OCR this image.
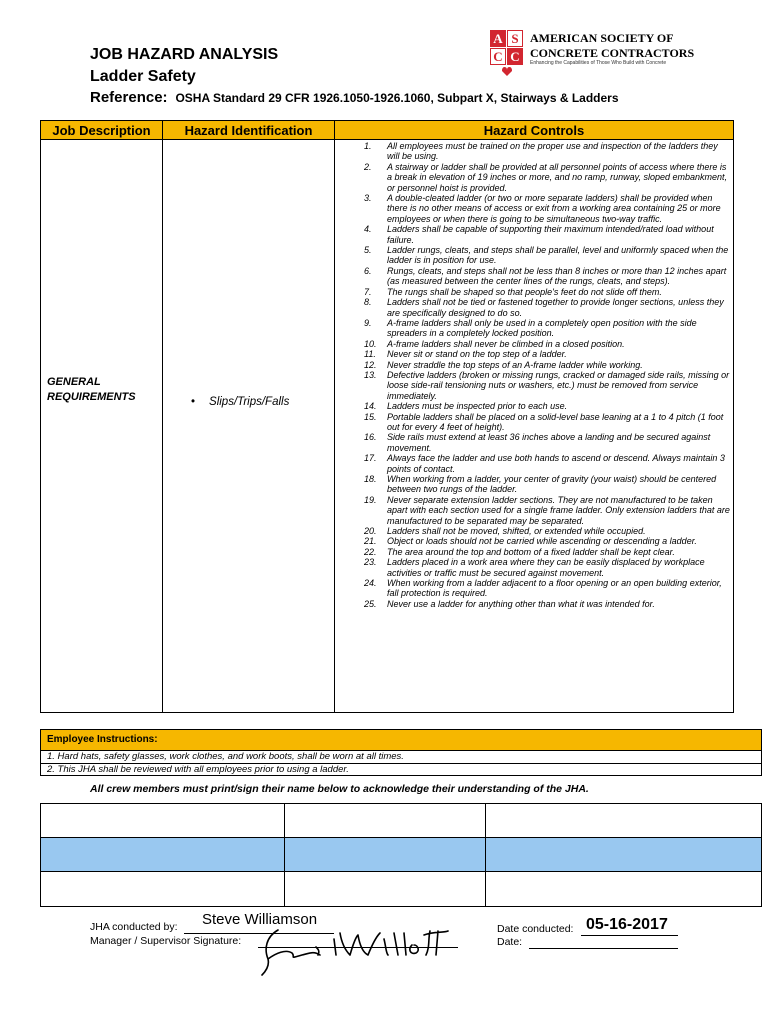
JOB HAZARD ANALYSIS
Ladder Safety
Reference: OSHA Standard 29 CFR 1926.1050-1926.1060, Subpart X, Stairways & Ladders
A S
C C
AMERICAN SOCIETY OF
CONCRETE CONTRACTORS
Enhancing the Capabilities of Those Who Build with Concrete
Job Description	Hazard Identification	Hazard Controls
GENERAL REQUIREMENTS	• Slips/Trips/Falls
1. All employees must be trained on the proper use and inspection of the ladders they will be using.
2. A stairway or ladder shall be provided at all personnel points of access where there is a break in elevation of 19 inches or more, and no ramp, runway, sloped embankment, or personnel hoist is provided.
3. A double-cleated ladder (or two or more separate ladders) shall be provided when there is no other means of access or exit from a working area containing 25 or more employees or when there is going to be simultaneous two-way traffic.
4. Ladders shall be capable of supporting their maximum intended/rated load without failure.
5. Ladder rungs, cleats, and steps shall be parallel, level and uniformly spaced when the ladder is in position for use.
6. Rungs, cleats, and steps shall not be less than 8 inches or more than 12 inches apart (as measured between the center lines of the rungs, cleats, and steps).
7. The rungs shall be shaped so that people's feet do not slide off them.
8. Ladders shall not be tied or fastened together to provide longer sections, unless they are specifically designed to do so.
9. A-frame ladders shall only be used in a completely open position with the side spreaders in a completely locked position.
10. A-frame ladders shall never be climbed in a closed position.
11. Never sit or stand on the top step of a ladder.
12. Never straddle the top steps of an A-frame ladder while working.
13. Defective ladders (broken or missing rungs, cracked or damaged side rails, missing or loose side-rail tensioning nuts or washers, etc.) must be removed from service immediately.
14. Ladders must be inspected prior to each use.
15. Portable ladders shall be placed on a solid-level base leaning at a 1 to 4 pitch (1 foot out for every 4 feet of height).
16. Side rails must extend at least 36 inches above a landing and be secured against movement.
17. Always face the ladder and use both hands to ascend or descend. Always maintain 3 points of contact.
18. When working from a ladder, your center of gravity (your waist) should be centered between two rungs of the ladder.
19. Never separate extension ladder sections. They are not manufactured to be taken apart with each section used for a single frame ladder. Only extension ladders that are manufactured to be separated may be separated.
20. Ladders shall not be moved, shifted, or extended while occupied.
21. Object or loads should not be carried while ascending or descending a ladder.
22. The area around the top and bottom of a fixed ladder shall be kept clear.
23. Ladders placed in a work area where they can be easily displaced by workplace activities or traffic must be secured against movement.
24. When working from a ladder adjacent to a floor opening or an open building exterior, fall protection is required.
25. Never use a ladder for anything other than what it was intended for.
Employee Instructions:
1. Hard hats, safety glasses, work clothes, and work boots, shall be worn at all times.
2. This JHA shall be reviewed with all employees prior to using a ladder.
All crew members must print/sign their name below to acknowledge their understanding of the JHA.
JHA conducted by: Steve Williamson
Manager / Supervisor Signature:
Date conducted: 05-16-2017
Date:
